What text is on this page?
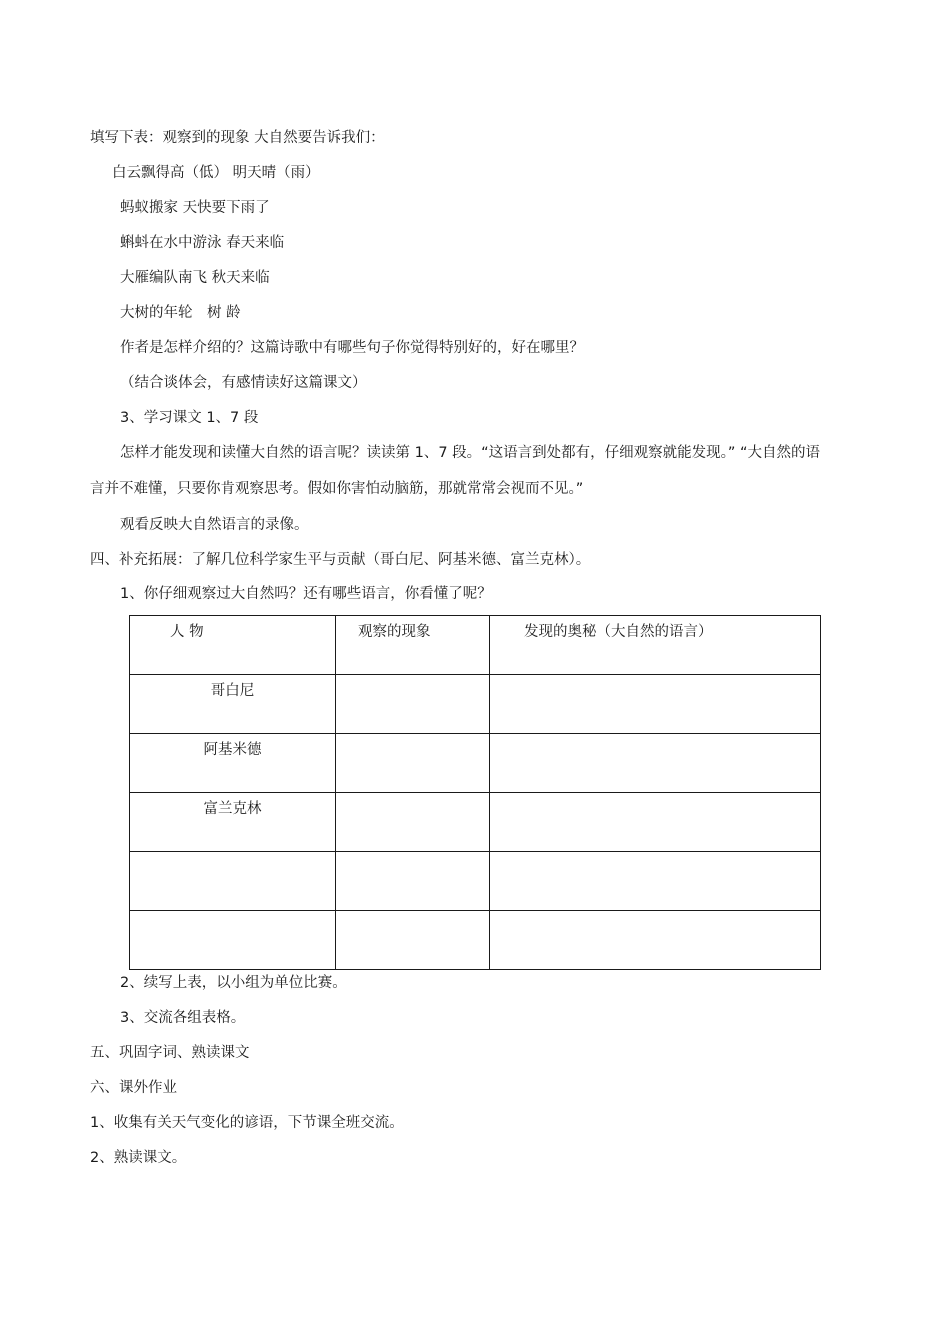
填写下表：观察到的现象 大自然要告诉我们：
白云飘得高（低） 明天晴（雨）
蚂蚁搬家 天快要下雨了
蝌蚪在水中游泳 春天来临
大雁编队南飞 秋天来临
大树的年轮　树 龄
作者是怎样介绍的？这篇诗歌中有哪些句子你觉得特别好的，好在哪里？
（结合谈体会，有感情读好这篇课文）
3、学习课文 1、7 段
怎样才能发现和读懂大自然的语言呢？读读第 1、7 段。“这语言到处都有，仔细观察就能发现。” “大自然的语
言并不难懂，只要你肯观察思考。假如你害怕动脑筋，那就常常会视而不见。”
观看反映大自然语言的录像。
四、补充拓展：了解几位科学家生平与贡献（哥白尼、阿基米德、富兰克林）。
1、你仔细观察过大自然吗？还有哪些语言，你看懂了呢？
人 物	观察的现象	发现的奥秘（大自然的语言）
哥白尼		
阿基米德		
富兰克林		

2、续写上表，以小组为单位比赛。
3、交流各组表格。
五、巩固字词、熟读课文
六、课外作业
1、收集有关天气变化的谚语，下节课全班交流。
2、熟读课文。
